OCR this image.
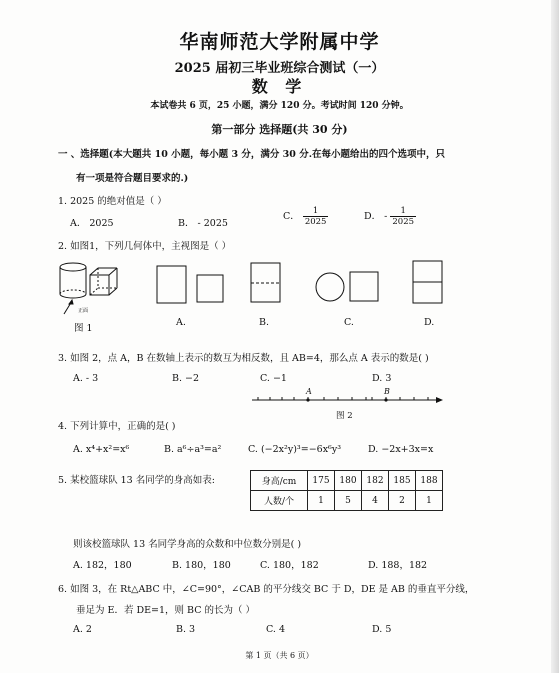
华南师范大学附属中学
2025 届初三毕业班综合测试（一）
数 学
本试卷共 6 页，25 小题，满分 120 分。考试时间 120 分钟。
第一部分 选择题(共 30 分)
一 、选择题(本大题共 10 小题，每小题 3 分，满分 30 分.在每小题给出的四个选项中，只
有一项是符合题目要求的.)
1. 2025 的绝对值是（ ）
A． 2025	B． - 2025
C． $\frac{1}{2025}$	D． - $\frac{1}{2025}$
2. 如图1，下列几何体中，主视图是（ ）
正面
图 1
A.	B.	C.	D.
3. 如图 2，点 A，B 在数轴上表示的数互为相反数，且 AB=4，那么点 A 表示的数是( )
A. - 3	B. −2	C. −1	D. 3
A	B
图 2
4. 下列计算中，正确的是( )
A. x⁴+x²=x⁶	B. a⁶÷a³=a²	C. (−2x²y)³=−6x⁶y³	D. −2x+3x=x
5. 某校篮球队 13 名同学的身高如表:	身高/cm	175	180	182	185	188
人数/个	1	5	4	2	1
则该校篮球队 13 名同学身高的众数和中位数分别是( )
A. 182，180	B. 180，180	C. 180，182	D. 188，182
6. 如图 3，在 Rt△ABC 中，∠C=90°，∠CAB 的平分线交 BC 于 D，DE 是 AB 的垂直平分线，
垂足为 E．若 DE=1，则 BC 的长为（ ）
A. 2	B. 3	C. 4	D. 5
第 1 页（共 6 页）
